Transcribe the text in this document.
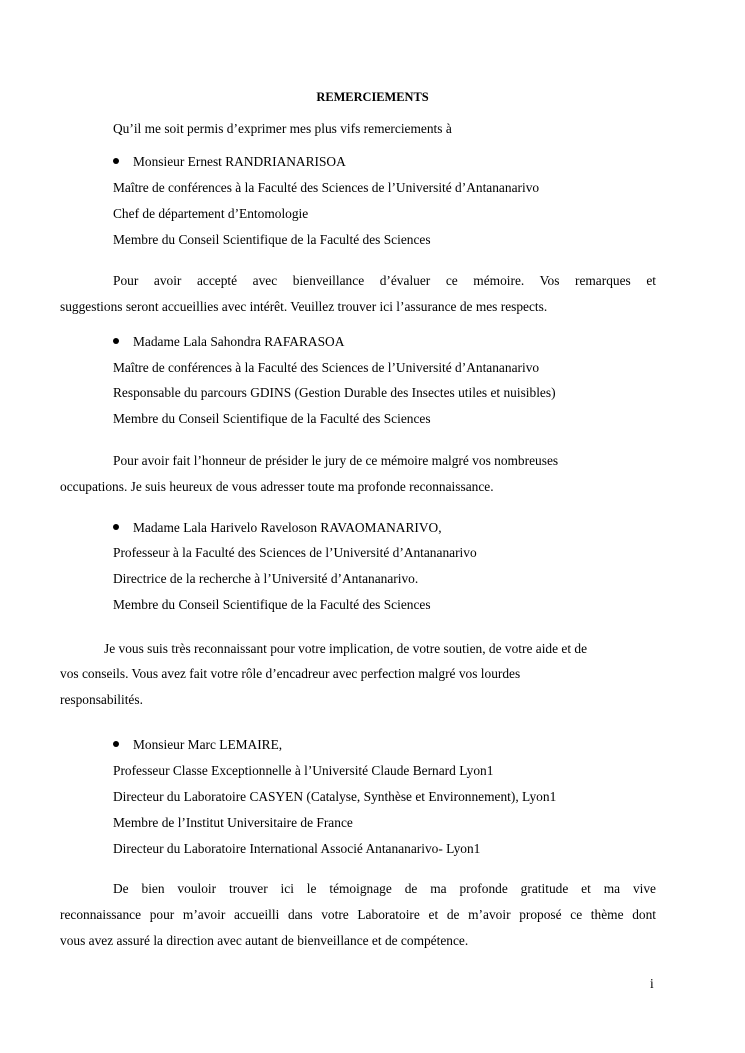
REMERCIEMENTS
Qu’il me soit permis d’exprimer mes plus vifs remerciements à
Monsieur Ernest RANDRIANARISOA
Maître de conférences à la Faculté des Sciences de l’Université d’Antananarivo
Chef de département d’Entomologie
Membre du Conseil Scientifique de la Faculté des Sciences
Pour avoir accepté avec bienveillance d’évaluer ce mémoire. Vos remarques et
suggestions seront accueillies avec intérêt. Veuillez trouver ici l’assurance de mes respects.
Madame Lala Sahondra RAFARASOA
Maître de conférences à la Faculté des Sciences de l’Université d’Antananarivo
Responsable du parcours GDINS (Gestion Durable des Insectes utiles et nuisibles)
Membre du Conseil Scientifique de la Faculté des Sciences
Pour avoir fait l’honneur de présider le jury de ce mémoire malgré vos nombreuses
occupations. Je suis heureux de vous adresser toute ma profonde reconnaissance.
Madame Lala Harivelo Raveloson RAVAOMANARIVO,
Professeur à la Faculté des Sciences de l’Université d’Antananarivo
Directrice de la recherche à l’Université d’Antananarivo.
Membre du Conseil Scientifique de la Faculté des Sciences
Je vous suis très reconnaissant pour votre implication, de votre soutien, de votre aide et de
vos conseils. Vous avez fait votre rôle d’encadreur avec perfection malgré vos lourdes
responsabilités.
Monsieur Marc LEMAIRE,
Professeur Classe Exceptionnelle à l’Université Claude Bernard Lyon1
Directeur du Laboratoire CASYEN (Catalyse, Synthèse et Environnement), Lyon1
Membre de l’Institut Universitaire de France
Directeur du Laboratoire International Associé Antananarivo- Lyon1
De bien vouloir trouver ici le témoignage de ma profonde gratitude et ma vive
reconnaissance pour m’avoir accueilli dans votre Laboratoire et de m’avoir proposé ce thème dont
vous avez assuré la direction avec autant de bienveillance et de compétence.
i
